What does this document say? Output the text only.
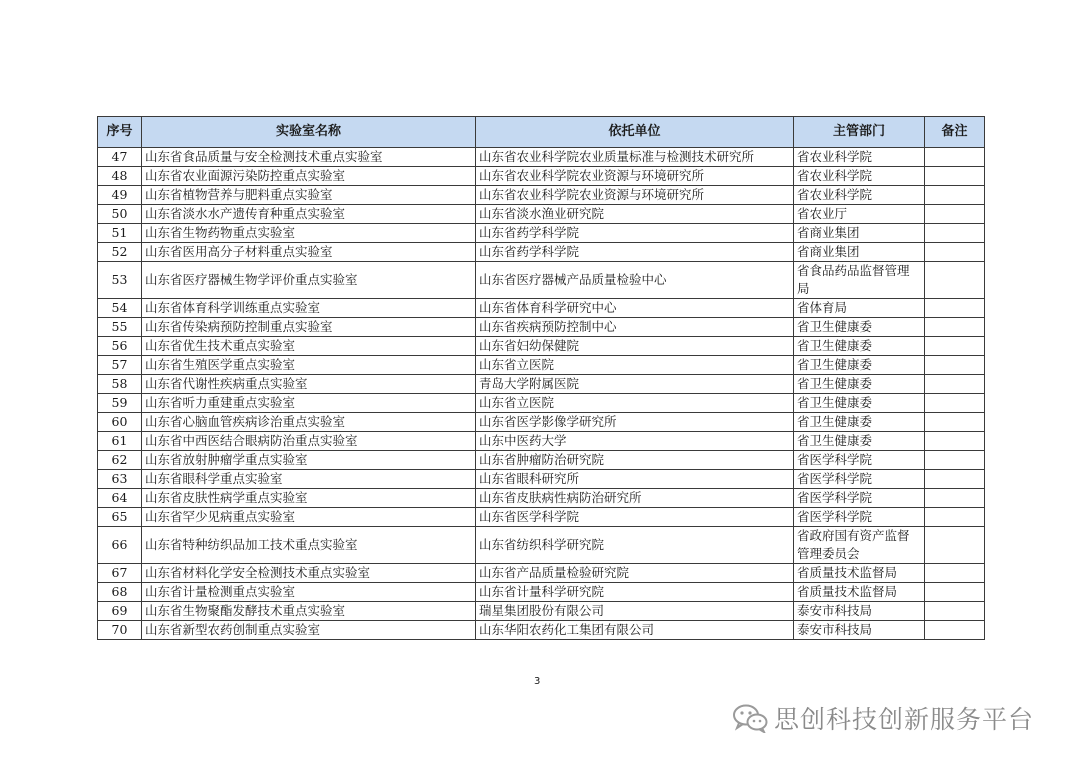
序号	实验室名称	依托单位	主管部门	备注
47	山东省食品质量与安全检测技术重点实验室	山东省农业科学院农业质量标准与检测技术研究所	省农业科学院	
48	山东省农业面源污染防控重点实验室	山东省农业科学院农业资源与环境研究所	省农业科学院	
49	山东省植物营养与肥料重点实验室	山东省农业科学院农业资源与环境研究所	省农业科学院	
50	山东省淡水水产遗传育种重点实验室	山东省淡水渔业研究院	省农业厅	
51	山东省生物药物重点实验室	山东省药学科学院	省商业集团	
52	山东省医用高分子材料重点实验室	山东省药学科学院	省商业集团	
53	山东省医疗器械生物学评价重点实验室	山东省医疗器械产品质量检验中心	省食品药品监督管理局	
54	山东省体育科学训练重点实验室	山东省体育科学研究中心	省体育局	
55	山东省传染病预防控制重点实验室	山东省疾病预防控制中心	省卫生健康委	
56	山东省优生技术重点实验室	山东省妇幼保健院	省卫生健康委	
57	山东省生殖医学重点实验室	山东省立医院	省卫生健康委	
58	山东省代谢性疾病重点实验室	青岛大学附属医院	省卫生健康委	
59	山东省听力重建重点实验室	山东省立医院	省卫生健康委	
60	山东省心脑血管疾病诊治重点实验室	山东省医学影像学研究所	省卫生健康委	
61	山东省中西医结合眼病防治重点实验室	山东中医药大学	省卫生健康委	
62	山东省放射肿瘤学重点实验室	山东省肿瘤防治研究院	省医学科学院	
63	山东省眼科学重点实验室	山东省眼科研究所	省医学科学院	
64	山东省皮肤性病学重点实验室	山东省皮肤病性病防治研究所	省医学科学院	
65	山东省罕少见病重点实验室	山东省医学科学院	省医学科学院	
66	山东省特种纺织品加工技术重点实验室	山东省纺织科学研究院	省政府国有资产监督管理委员会	
67	山东省材料化学安全检测技术重点实验室	山东省产品质量检验研究院	省质量技术监督局	
68	山东省计量检测重点实验室	山东省计量科学研究院	省质量技术监督局	
69	山东省生物聚酯发酵技术重点实验室	瑞星集团股份有限公司	泰安市科技局	
70	山东省新型农药创制重点实验室	山东华阳农药化工集团有限公司	泰安市科技局	
3
思创科技创新服务平台
